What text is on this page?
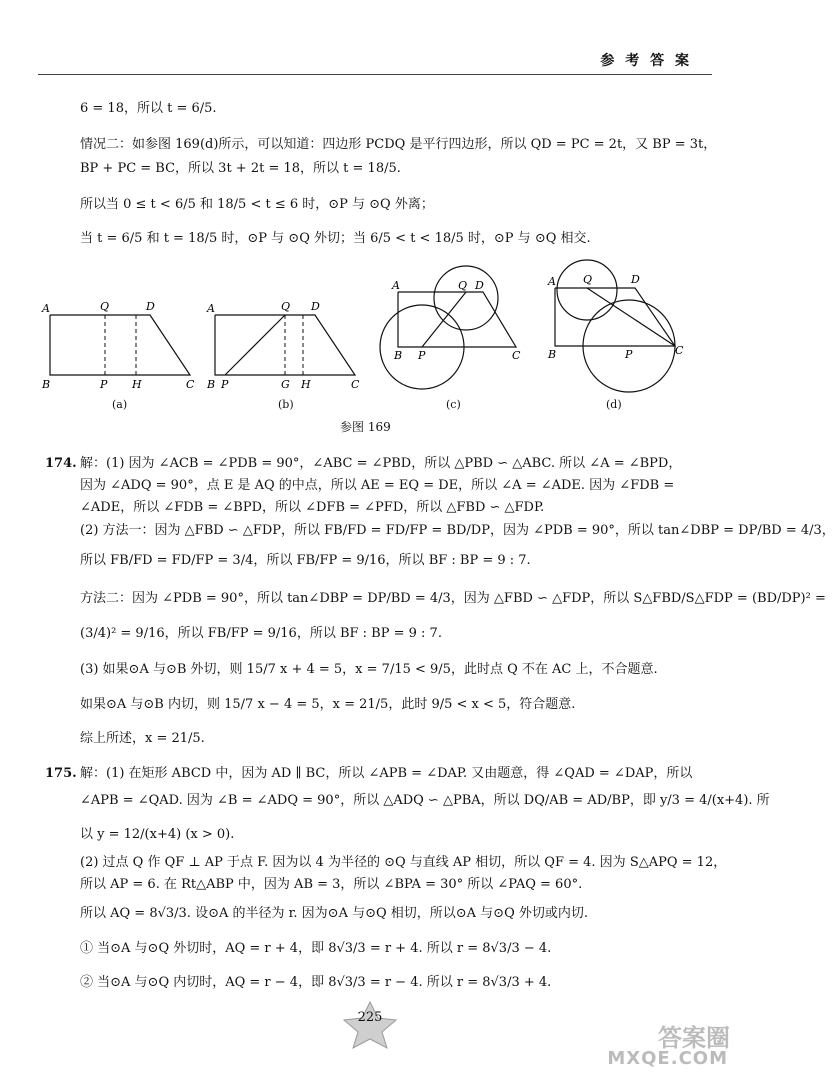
参 考 答 案
6 = 18，所以 t = 6/5.
情况二：如参图 169(d)所示，可以知道：四边形 PCDQ 是平行四边形，所以 QD = PC = 2t，又 BP = 3t，
BP + PC = BC，所以 3t + 2t = 18，所以 t = 18/5.
所以当 0 ≤ t < 6/5 和 18/5 < t ≤ 6 时，⊙P 与 ⊙Q 外离；
当 t = 6/5 和 t = 18/5 时，⊙P 与 ⊙Q 外切；当 6/5 < t < 18/5 时，⊙P 与 ⊙Q 相交.
A	Q	D
B	P H	C
(a)
A	Q D
B P	G H	C
(b)
A	Q D
B P	C
(c)
A Q	D
B	P	C
(d)
参图 169
174. 解：(1) 因为 ∠ACB = ∠PDB = 90°，∠ABC = ∠PBD，所以 △PBD ∽ △ABC. 所以 ∠A = ∠BPD，
因为 ∠ADQ = 90°，点 E 是 AQ 的中点，所以 AE = EQ = DE，所以 ∠A = ∠ADE. 因为 ∠FDB =
∠ADE，所以 ∠FDB = ∠BPD，所以 ∠DFB = ∠PFD，所以 △FBD ∽ △FDP.
(2) 方法一：因为 △FBD ∽ △FDP，所以 FB/FD = FD/FP = BD/DP，因为 ∠PDB = 90°，所以 tan∠DBP = DP/BD = 4/3，
所以 FB/FD = FD/FP = 3/4，所以 FB/FP = 9/16，所以 BF : BP = 9 : 7.
方法二：因为 ∠PDB = 90°，所以 tan∠DBP = DP/BD = 4/3，因为 △FBD ∽ △FDP，所以 S△FBD/S△FDP = (BD/DP)² =
(3/4)² = 9/16，所以 FB/FP = 9/16，所以 BF : BP = 9 : 7.
(3) 如果⊙A 与⊙B 外切，则 15/7 x + 4 = 5，x = 7/15 < 9/5，此时点 Q 不在 AC 上，不合题意.
如果⊙A 与⊙B 内切，则 15/7 x − 4 = 5，x = 21/5，此时 9/5 < x < 5，符合题意.
综上所述，x = 21/5.
175. 解：(1) 在矩形 ABCD 中，因为 AD ∥ BC，所以 ∠APB = ∠DAP. 又由题意，得 ∠QAD = ∠DAP，所以
∠APB = ∠QAD. 因为 ∠B = ∠ADQ = 90°，所以 △ADQ ∽ △PBA，所以 DQ/AB = AD/BP，即 y/3 = 4/(x+4). 所
以 y = 12/(x+4) (x > 0).
(2) 过点 Q 作 QF ⊥ AP 于点 F. 因为以 4 为半径的 ⊙Q 与直线 AP 相切，所以 QF = 4. 因为 S△APQ = 12，
所以 AP = 6. 在 Rt△ABP 中，因为 AB = 3，所以 ∠BPA = 30° 所以 ∠PAQ = 60°.
所以 AQ = 8√3/3. 设⊙A 的半径为 r. 因为⊙A 与⊙Q 相切，所以⊙A 与⊙Q 外切或内切.
① 当⊙A 与⊙Q 外切时，AQ = r + 4，即 8√3/3 = r + 4. 所以 r = 8√3/3 − 4.
② 当⊙A 与⊙Q 内切时，AQ = r − 4，即 8√3/3 = r − 4. 所以 r = 8√3/3 + 4.
225
答案圈
MXQE.COM
